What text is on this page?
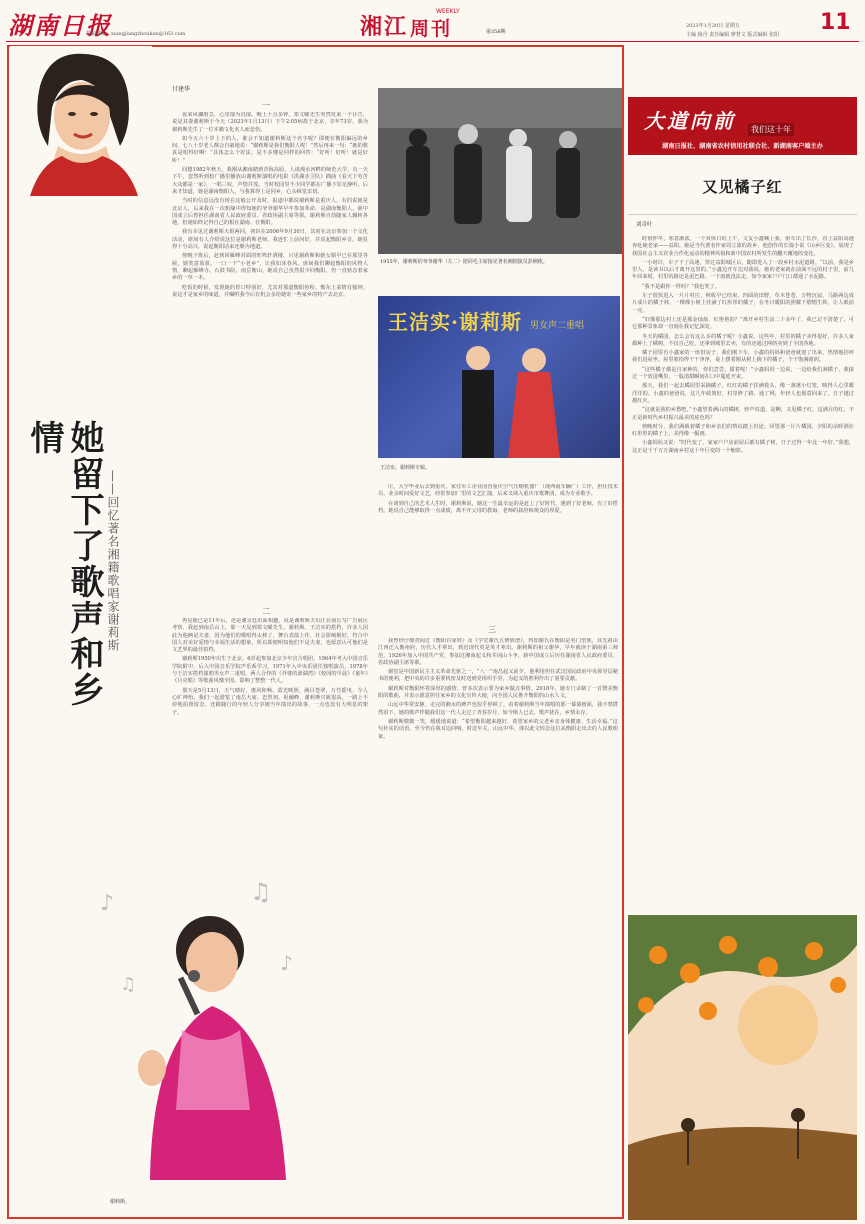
湖南日报
投稿邮箱：xiangjiangzhoukan@163.com	湘江
WEEKLY
周刊	第358期
2023年1月20日 星期五
主编 杨丹 责任编辑 廖慧文 版式编辑 张阳 11
甘建华
一

夜来风骤雨急，心里郁为沉郁。晚上十点多钟，郑文曜先生突然发来一个讣告，说是其妻谢莉斯于今天（2023年1月13日）下午2:05病故于北京，享年73岁。我为谢莉斯先生了一位本籍文化名人而悲伤。

如今五六十岁上下的人，谁会不知道谢莉斯这个名字呢？即便在衡阳偏远的乡间，七八十岁老人都会自豪地说：“谢莉斯是我们衡阳人呢！”然后再来一句：“她的歌真是唱得好啊！”具体怎么个好法，是不多懂是同样的回答：“好听！好听！就是好听！”

回想1982年秋天，我刚从湘南踏到青海高原，人谈漫水河畔的师范大学，有一天下午，忽然听到校广播里播放由谢莉斯演唱的电影《洪湖赤卫队》插曲《看天下劳苦大众都是一家》，一唱三叹，声情并茂。当时校园里不少同学都在广播下驻足静听。后来才知道，她是湖南衡阳人，与我算得上是同乡，心头顿觉亲切。

当时的信息远没有现在这般公开及时，报道中都说谢莉斯是重庆人，有的说她是北京人，后来我在一次机缘中得知她的爷爷谢华早年参加革命，是湖南衡阳人，新中国成立后曾担任湖南省人民政府委员、省政协副主席等职。谢莉斯自幼随家人辗转各地，但她始终记得自己的根在湖南、在衡阳。

我有幸见过谢莉斯大姐两回，初识在2006年9月30日，其时在北京参加一个文化活动，席间有人介绍说这位是谢莉斯老师，我连忙上前问好，并说起衡阳乡音，她显得十分高兴，说起衡阳话来还颇为地道。

傍晚下班后，赶到回雁峰对面的旺鸣轩酒楼，只见谢莉斯和她女婿早已在那里等候。她笑意盈盈，一口一个“小老乡”，让我如沐春风。席间我们聊起衡阳的风物人情，聊起雁峰寺、石鼓书院、南岳衡山，她说自己虽然很少回衡阳，但一直惦念着家乡的一草一木。

吃饭的时候，发现她的胃口特别好，尤其对那道衡阳鱼粉、衡东土菜情有独钟，说这才是家乡的味道，并嘱咐我今后有机会多给她寄一些家乡的特产去北京。

二

再见她已是11年后，还是谢京廷出面相邀，说是谢莉斯夫妇正在南岳写广告展区考察，我赶到南岳山上，那一天见到郑文曜先生，谢莉斯、王洁实的搭档，许多人因此为他俩是夫妻，因为他们的歌唱得太棒了，舞台表演上佳，社会影响极好，符合中国人对美好爱情与幸福生活的想象，所以即便明知他们不是夫妻，也愿意认可他们是文艺界的最佳拍档。

谢莉斯1950年出生于北京，6岁起参加北京少年宫合唱团，1964年考入中国音乐学院附中，后入中国音乐学院声乐系学习。1971年入中央乐团任独唱演员，1978年与王洁实搭档演唱男女声二重唱，两人合作的《外婆的澎湖湾》《校园的早晨》《童年》《月亮船》等歌曲风靡全国，影响了整整一代人。

那天是5月13日，天气晴好，惠风和畅，霞光映照，满目苍翠，万竹摇曳，令人心旷神怡。我们一起游览了南岳大庙、忠烈祠、祝融峰，谢莉斯兴致很高，一路上不停地拍照留念，还跟随行的年轻人分享她当年演出的故事，一点也没有大明星的架子。

她留下了歌声和乡情
——回忆著名湘籍歌唱家谢莉斯
1955年，谢莉斯的爷爷谢华（左二）陪同毛主席接见著名湘剧演员彭俐侬。
王洁实·谢莉斯 男女声二重唱
王洁实、谢莉斯专辑。

庄，大学毕业后去到重庆。家住军工企业国营重庆空气压缩机器厂（现西南车辆厂）工作，担任技术员，业余时间爱好文艺，经常参加厂里的文艺汇演，后来又调入重庆市歌舞团，成为专业歌手。

在谈到自己的艺术人生时，谢莉斯说，她这一生最幸运的是赶上了好时代，遇到了好老师，有了好搭档。她说自己能够取得一点成绩，离不开父母的教诲、老师的栽培和观众的厚爱。

三

我曾经仔细查阅过《衡阳百家姓》及《学堂谢氏五修族谱》，得知谢氏在衡阳是名门望族，其先祖由江西迁入衡州府，历代人才辈出，到近现代更是英才辈出。谢莉斯的祖父谢华，早年就读于湖南第三师范，1926年加入中国共产党，参加过湘南起义和井冈山斗争，新中国成立后历任湖南省人民政府委员、省政协副主席等职。

谢觉是中国新民主主义革命先驱之一，“八一”南昌起义前夕，他利用担任武汉国民政府中央领导层秘书的便利，把中央的许多重要机密及时送到党组织手里，为起义的胜利作出了重要贡献。

谢莉斯对衡阳怀着深厚的感情，曾多次表示要为家乡做点事情。2018年，她专门录制了一首赞美衡阳的歌曲，并表示愿意担任家乡的文化宣传大使，向全国人民推介衡阳的山水人文。

山远中华常安静，走完的湘水的碑声也似乎停顿了。看着谢莉斯当年演唱的那一幕幕画面，我不禁潸然泪下。她的歌声伴随我们这一代人走过了青春岁月，如今斯人已去，歌声犹在，乡情永存。

谢莉斯微微一笑，缓缓地说道：“希望衡阳越来越好，希望家乡的父老乡亲身体健康、生活幸福。”这句朴实的话语，至今仍在我耳边回响。时近年关，山远中华，谨以此文悼念这位从衡阳走出去的人民歌唱家。

♪	♫
♪
♫
谢莉斯。
大道向前	我们这十年
湖南日报社、湖南省农村信用社联合社、新湖南客户端主办
又见橘子红
刘奇叶

时值仲冬，寒意渐浓，一个双休日的上午，文友小鑫喊上我，驱车出了长沙，直上益阳高速奔赴她老家——益阳。她是当代著名作家周立波的故乡，他创作的长篇小说《山乡巨变》，展现了我国社会主义农业合作化运动的精神风貌和新中国农村所发生的翻天覆地的变化。

一小时许，车子下了高速，穿过益阳城区后，随即进入了一段乡村水泥道路。“以前，我是乡里人，是读书以后才离开这里的。”小鑫边开车边对我说，她的老家就在前面不远的村子里，前几年回来时，村里的路还是泥巴路，一下雨就没法走，如今家家户户门口都通了水泥路。

“我不是跟你一样吗？”我也笑了。

车子很快进入一片片村庄，秋收早已结束，四面的田野，草木苍苍，万物沉寂，马路两边成片成片的橘子林，一棵棵小树上挂满了红彤彤的橘子，在冬日暖阳的照耀下熠熠生辉，让人眼前一亮。

“好像那边村上还是那金灿灿、红艳艳的？”离开乡村生活二十多年了，我已记不清楚了，可它那种景象却一直刻在我记忆深处。

冬天的橘园，怎么会有这么多的橘子呢？小鑫说，这些年，村里的橘子卖得很好，许多人家都种上了橘树，不仅自己吃，还拿到城里去卖，有的还通过网络卖到了全国各地。

橘子园里有小鑫家的一座旧房子，我们刚下车，小鑫的妈妈和爸爸就迎了出来，热情地招呼我们进屋坐。屋里收拾得干干净净，桌上摆着刚从树上摘下的橘子，个个饱满圆润。

“这些橘子都是自家种的，你们尝尝，甜着呢！”小鑫妈妈一边说，一边给我们剥橘子。我接过一个放进嘴里，一股清甜瞬间在口中蔓延开来。

那天，我们一起去橘园里采摘橘子。红红的橘子挂满枝头，像一盏盏小灯笼，映得人心里暖洋洋的。小鑫的爸爸说，这几年政策好，村里修了路，通了网，年轻人也愿意回来了，日子越过越红火。

“这就是我的乡愁吧。”小鑫望着满山的橘树，轻声说道。是啊，又见橘子红，这满目的红，不正是新时代乡村振兴最美的底色吗？

傍晚时分，我们满载着橘子和乡亲们的情谊踏上归途。回望那一片片橘园，夕阳的余晖洒在红彤彤的橘子上，美得像一幅画。

小鑫妈妈又说：“时代变了，家家户户房前屋后都有橘子树，日子过得一年比一年好。”我想，这正是千千万万湖南乡村这十年巨变的一个缩影。
